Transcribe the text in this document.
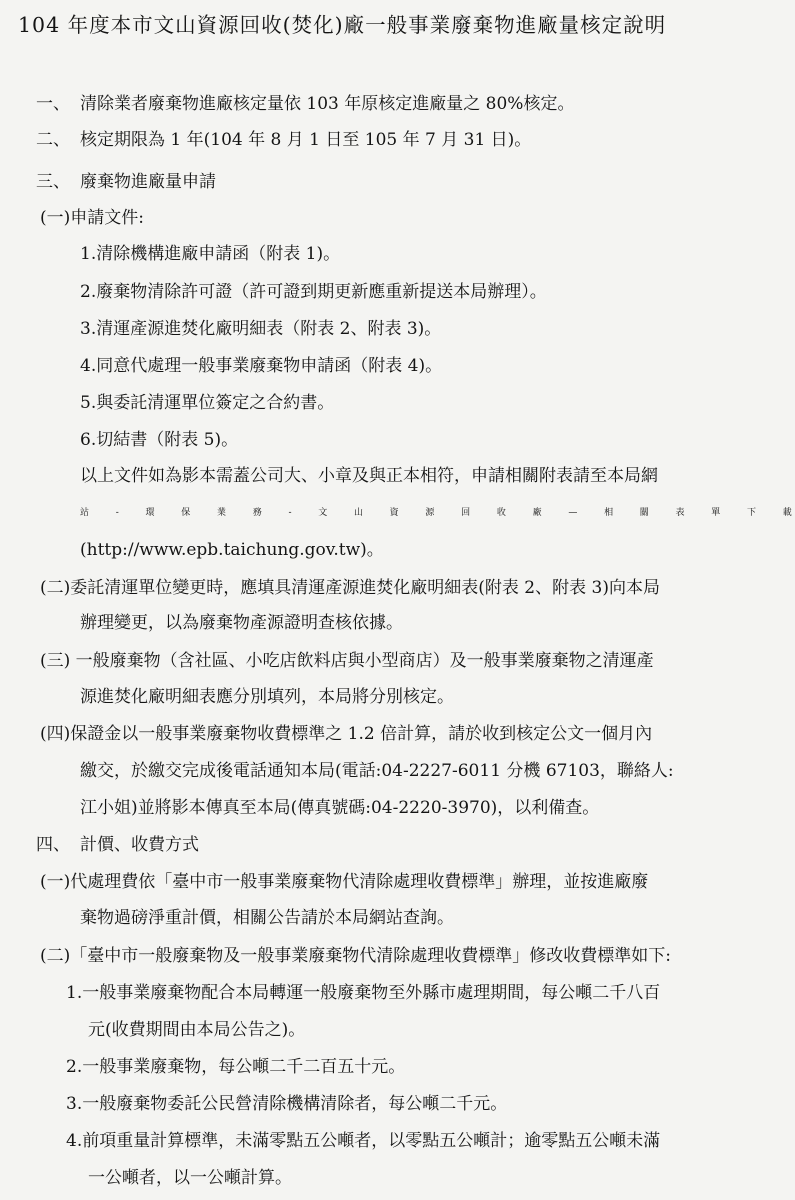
104 年度本市文山資源回收(焚化)廠一般事業廢棄物進廠量核定說明
一、 清除業者廢棄物進廠核定量依 103 年原核定進廠量之 80%核定。
二、 核定期限為 1 年(104 年 8 月 1 日至 105 年 7 月 31 日)。
三、 廢棄物進廠量申請
(一)申請文件:
1.清除機構進廠申請函（附表 1)。
2.廢棄物清除許可證（許可證到期更新應重新提送本局辦理）。
3.清運產源進焚化廠明細表（附表 2、附表 3)。
4.同意代處理一般事業廢棄物申請函（附表 4)。
5.與委託清運單位簽定之合約書。
6.切結書（附表 5)。
以上文件如為影本需蓋公司大、小章及與正本相符，申請相關附表請至本局網
站	-	環	保	業	務	-	文	山	資	源	回	收	廠	—	相	關	表	單	下	載
(http://www.epb.taichung.gov.tw)。
(二)委託清運單位變更時，應填具清運產源進焚化廠明細表(附表 2、附表 3)向本局
辦理變更，以為廢棄物產源證明查核依據。
(三) 一般廢棄物（含社區、小吃店飲料店與小型商店）及一般事業廢棄物之清運產
源進焚化廠明細表應分別填列，本局將分別核定。
(四)保證金以一般事業廢棄物收費標準之 1.2 倍計算，請於收到核定公文一個月內
繳交，於繳交完成後電話通知本局(電話:04-2227-6011 分機 67103，聯絡人:
江小姐)並將影本傳真至本局(傳真號碼:04-2220-3970)，以利備查。
四、 計價、收費方式
(一)代處理費依「臺中市一般事業廢棄物代清除處理收費標準」辦理，並按進廠廢
棄物過磅淨重計價，相關公告請於本局網站查詢。
(二)「臺中市一般廢棄物及一般事業廢棄物代清除處理收費標準」修改收費標準如下:
1.一般事業廢棄物配合本局轉運一般廢棄物至外縣市處理期間，每公噸二千八百
元(收費期間由本局公告之)。
2.一般事業廢棄物，每公噸二千二百五十元。
3.一般廢棄物委託公民營清除機構清除者，每公噸二千元。
4.前項重量計算標準，未滿零點五公噸者，以零點五公噸計；逾零點五公噸未滿
一公噸者，以一公噸計算。
